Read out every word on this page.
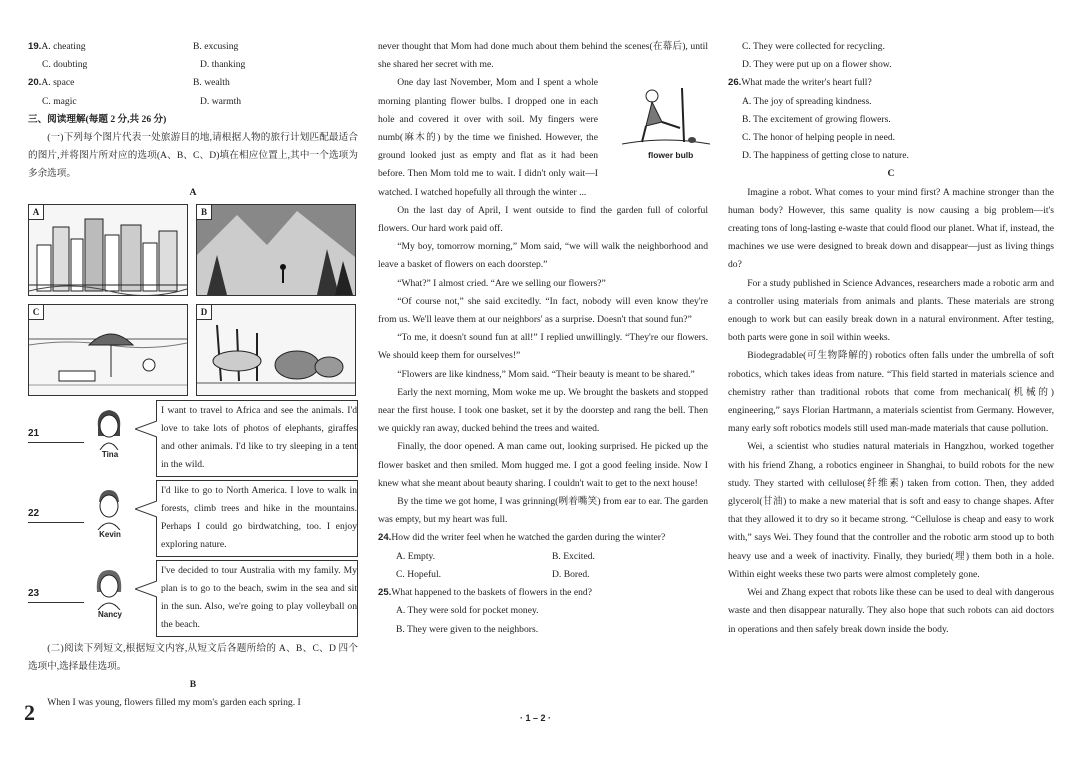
19.A. cheating	B. excusing
C. doubting	D. thanking
20.A. space	B. wealth
C. magic	D. warmth

三、阅读理解(每题 2 分,共 26 分)

(一)下列每个图片代表一处旅游目的地,请根据人物的旅行计划匹配最适合的图片,并将图片所对应的选项(A、B、C、D)填在相应位置上,其中一个选项为多余选项。

A
A	B
C	D
21
Tina
I want to travel to Africa and see the animals. I'd love to take lots of photos of elephants, giraffes and other animals. I'd like to try sleeping in a tent in the wild.
22
Kevin
I'd like to go to North America. I love to walk in forests, climb trees and hike in the mountains. Perhaps I could go birdwatching, too. I enjoy exploring nature.
23
Nancy
I've decided to tour Australia with my family. My plan is to go to the beach, swim in the sea and sit in the sun. Also, we're going to play volleyball on the beach.

(二)阅读下列短文,根据短文内容,从短文后各题所给的 A、B、C、D 四个选项中,选择最佳选项。

B

When I was young, flowers filled my mom's garden each spring. I

never thought that Mom had done much about them behind the scenes(在幕后), until she shared her secret with me.

One day last November, Mom and I spent a whole morning planting flower bulbs. I dropped one in each hole and covered it over with soil. My fingers were numb(麻木的) by the time we finished. However, the ground looked just as empty and flat as it had been before. Then Mom told me to wait. I didn't only wait—I watched. I watched hopefully all through the winter ...

On the last day of April, I went outside to find the garden full of colorful flowers. Our hard work paid off.

“My boy, tomorrow morning,” Mom said, “we will walk the neighborhood and leave a basket of flowers on each doorstep.”

“What?” I almost cried. “Are we selling our flowers?”

“Of course not,” she said excitedly. “In fact, nobody will even know they're from us. We'll leave them at our neighbors' as a surprise. Doesn't that sound fun?”

“To me, it doesn't sound fun at all!” I replied unwillingly. “They're our flowers. We should keep them for ourselves!”

“Flowers are like kindness,” Mom said. “Their beauty is meant to be shared.”

Early the next morning, Mom woke me up. We brought the baskets and stopped near the first house. I took one basket, set it by the doorstep and rang the bell. Then we quickly ran away, ducked behind the trees and waited.

Finally, the door opened. A man came out, looking surprised. He picked up the flower basket and then smiled. Mom hugged me. I got a good feeling inside. Now I knew what she meant about beauty sharing. I couldn't wait to get to the next house!

By the time we got home, I was grinning(咧着嘴笑) from ear to ear. The garden was empty, but my heart was full.

24.How did the writer feel when he watched the garden during the winter?

A. Empty.	B. Excited.
C. Hopeful.	D. Bored.

25.What happened to the baskets of flowers in the end?

A. They were sold for pocket money.

B. They were given to the neighbors.

flower bulb

C. They were collected for recycling.

D. They were put up on a flower show.

26.What made the writer's heart full?

A. The joy of spreading kindness.

B. The excitement of growing flowers.

C. The honor of helping people in need.

D. The happiness of getting close to nature.

C

Imagine a robot. What comes to your mind first? A machine stronger than the human body? However, this same quality is now causing a big problem—it's creating tons of long-lasting e-waste that could flood our planet. What if, instead, the machines we use were designed to break down and disappear—just as living things do?

For a study published in Science Advances, researchers made a robotic arm and a controller using materials from animals and plants. These materials are strong enough to work but can easily break down in a natural environment. After testing, both parts were gone in soil within weeks.

Biodegradable(可生物降解的) robotics often falls under the umbrella of soft robotics, which takes ideas from nature. “This field started in materials science and chemistry rather than traditional robots that come from mechanical(机械的) engineering,” says Florian Hartmann, a materials scientist from Germany. However, many early soft robotics models still used man-made materials that cause pollution.

Wei, a scientist who studies natural materials in Hangzhou, worked together with his friend Zhang, a robotics engineer in Shanghai, to build robots for the new study. They started with cellulose(纤维素) taken from cotton. Then, they added glycerol(甘油) to make a new material that is soft and easy to change shapes. After that they allowed it to dry so it became strong. “Cellulose is cheap and easy to work with,” says Wei. They found that the controller and the robotic arm stood up to both heavy use and a week of inactivity. Finally, they buried(埋) them both in a hole. Within eight weeks these two parts were almost completely gone.

Wei and Zhang expect that robots like these can be used to deal with dangerous waste and then disappear naturally. They also hope that such robots can aid doctors in operations and then safely break down inside the body.

2	· 1 – 2 ·
